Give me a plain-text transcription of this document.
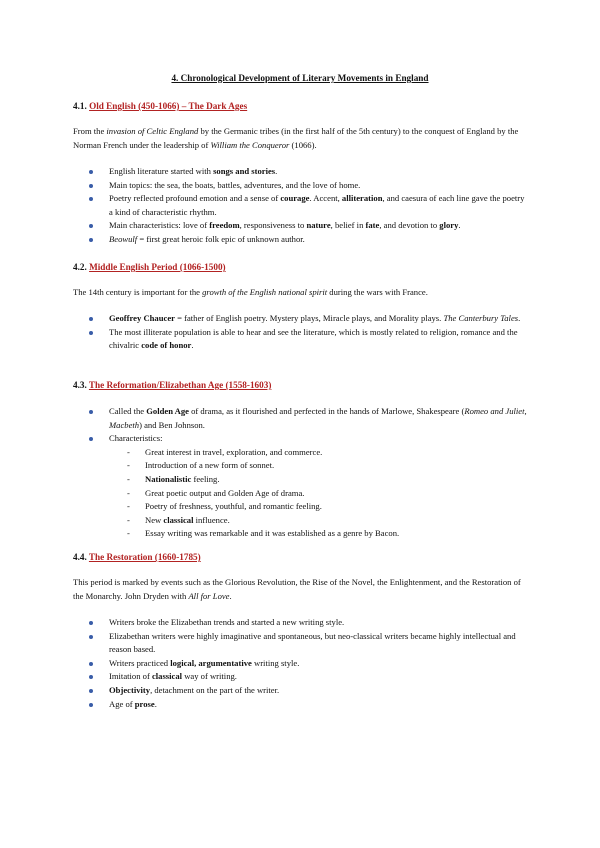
4. Chronological Development of Literary Movements in England
4.1. Old English (450-1066) – The Dark Ages
From the invasion of Celtic England by the Germanic tribes (in the first half of the 5th century) to the conquest of England by the Norman French under the leadership of William the Conqueror (1066).
English literature started with songs and stories.
Main topics: the sea, the boats, battles, adventures, and the love of home.
Poetry reflected profound emotion and a sense of courage. Accent, alliteration, and caesura of each line gave the poetry a kind of characteristic rhythm.
Main characteristics: love of freedom, responsiveness to nature, belief in fate, and devotion to glory.
Beowulf = first great heroic folk epic of unknown author.
4.2. Middle English Period (1066-1500)
The 14th century is important for the growth of the English national spirit during the wars with France.
Geoffrey Chaucer = father of English poetry. Mystery plays, Miracle plays, and Morality plays. The Canterbury Tales.
The most illiterate population is able to hear and see the literature, which is mostly related to religion, romance and the chivalric code of honor.
4.3. The Reformation/Elizabethan Age (1558-1603)
Called the Golden Age of drama, as it flourished and perfected in the hands of Marlowe, Shakespeare (Romeo and Juliet, Macbeth) and Ben Johnson.
Characteristics:
- Great interest in travel, exploration, and commerce.
- Introduction of a new form of sonnet.
- Nationalistic feeling.
- Great poetic output and Golden Age of drama.
- Poetry of freshness, youthful, and romantic feeling.
- New classical influence.
- Essay writing was remarkable and it was established as a genre by Bacon.
4.4. The Restoration (1660-1785)
This period is marked by events such as the Glorious Revolution, the Rise of the Novel, the Enlightenment, and the Restoration of the Monarchy. John Dryden with All for Love.
Writers broke the Elizabethan trends and started a new writing style.
Elizabethan writers were highly imaginative and spontaneous, but neo-classical writers became highly intellectual and reason based.
Writers practiced logical, argumentative writing style.
Imitation of classical way of writing.
Objectivity, detachment on the part of the writer.
Age of prose.
